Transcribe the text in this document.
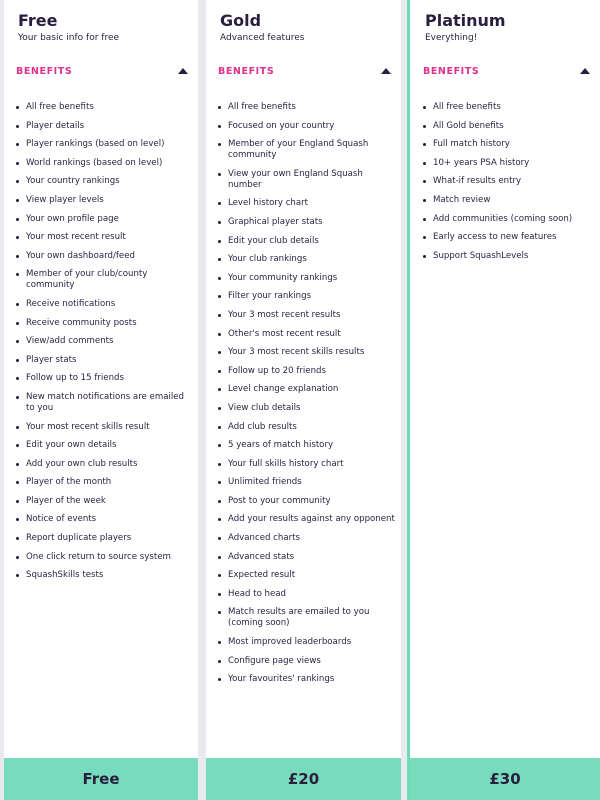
Free
Your basic info for free
BENEFITS
All free benefits
Player details
Player rankings (based on level)
World rankings (based on level)
Your country rankings
View player levels
Your own profile page
Your most recent result
Your own dashboard/feed
Member of your club/county community
Receive notifications
Receive community posts
View/add comments
Player stats
Follow up to 15 friends
New match notifications are emailed to you
Your most recent skills result
Edit your own details
Add your own club results
Player of the month
Player of the week
Notice of events
Report duplicate players
One click return to source system
SquashSkills tests
Free
Gold
Advanced features
BENEFITS
All free benefits
Focused on your country
Member of your England Squash community
View your own England Squash number
Level history chart
Graphical player stats
Edit your club details
Your club rankings
Your community rankings
Filter your rankings
Your 3 most recent results
Other's most recent result
Your 3 most recent skills results
Follow up to 20 friends
Level change explanation
View club details
Add club results
5 years of match history
Your full skills history chart
Unlimited friends
Post to your community
Add your results against any opponent
Advanced charts
Advanced stats
Expected result
Head to head
Match results are emailed to you (coming soon)
Most improved leaderboards
Configure page views
Your favourites' rankings
£20
Platinum
Everything!
BENEFITS
All free benefits
All Gold benefits
Full match history
10+ years PSA history
What-if results entry
Match review
Add communities (coming soon)
Early access to new features
Support SquashLevels
£30
